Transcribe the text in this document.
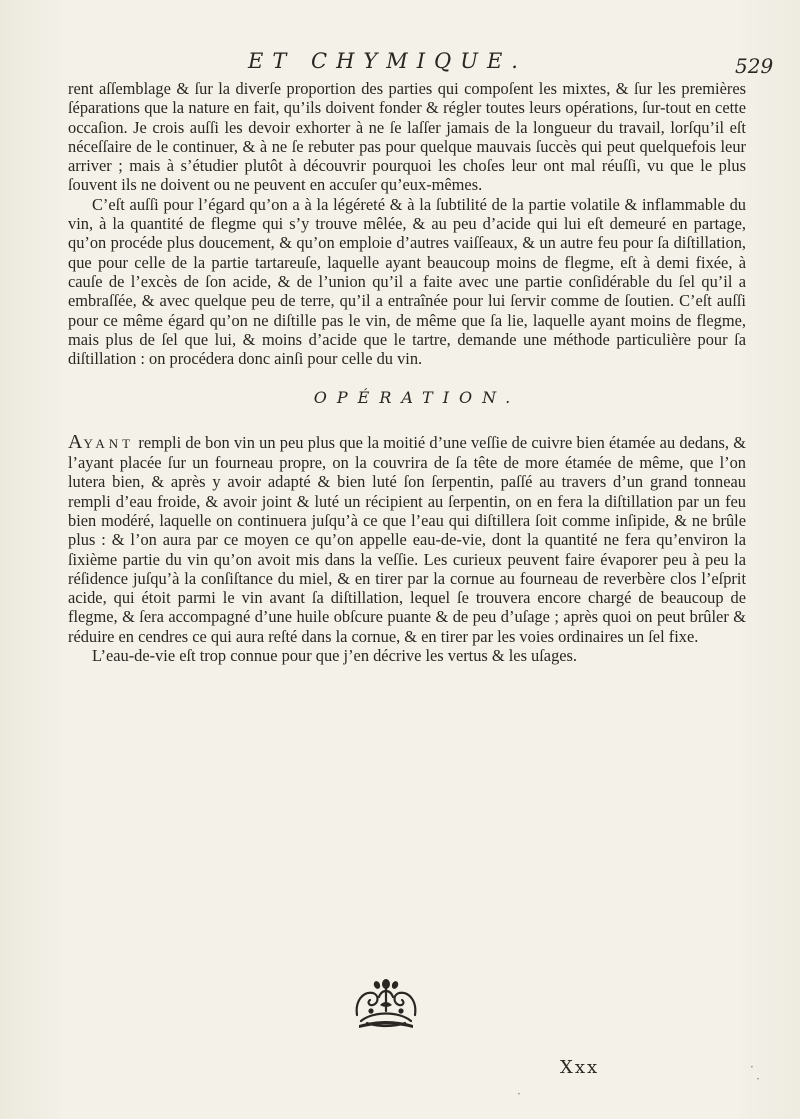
ET CHYMIQUE.	529

rent aſſemblage & ſur la diverſe proportion des parties qui compoſent les mixtes, & ſur les premières ſéparations que la nature en fait, qu’ils doivent fonder & régler toutes leurs opérations, ſur-tout en cette occaſion. Je crois auſſi les devoir exhorter à ne ſe laſſer jamais de la longueur du travail, lorſqu’il eſt néceſſaire de le continuer, & à ne ſe rebuter pas pour quelque mauvais ſuccès qui peut quelquefois leur arriver ; mais à s’étudier plutôt à découvrir pourquoi les choſes leur ont mal réuſſi, vu que le plus ſouvent ils ne doivent ou ne peuvent en accuſer qu’eux-mêmes.

C’eſt auſſi pour l’égard qu’on a à la légéreté & à la ſubtilité de la partie volatile & inflammable du vin, à la quantité de flegme qui s’y trouve mêlée, & au peu d’acide qui lui eſt demeuré en partage, qu’on procéde plus doucement, & qu’on emploie d’autres vaiſſeaux, & un autre feu pour ſa diſtillation, que pour celle de la partie tartareuſe, laquelle ayant beaucoup moins de flegme, eſt à demi fixée, à cauſe de l’excès de ſon acide, & de l’union qu’il a faite avec une partie conſidérable du ſel qu’il a embraſſée, & avec quelque peu de terre, qu’il a entraînée pour lui ſervir comme de ſoutien. C’eſt auſſi pour ce même égard qu’on ne diſtille pas le vin, de même que ſa lie, laquelle ayant moins de flegme, mais plus de ſel que lui, & moins d’acide que le tartre, demande une méthode particulière pour ſa diſtillation : on procédera donc ainſi pour celle du vin.

OPÉRATION.

AYANT rempli de bon vin un peu plus que la moitié d’une veſſie de cuivre bien étamée au dedans, & l’ayant placée ſur un fourneau propre, on la couvrira de ſa tête de more étamée de même, que l’on lutera bien, & après y avoir adapté & bien luté ſon ſerpentin, paſſé au travers d’un grand tonneau rempli d’eau froide, & avoir joint & luté un récipient au ſerpentin, on en fera la diſtillation par un feu bien modéré, laquelle on continuera juſqu’à ce que l’eau qui diſtillera ſoit comme inſipide, & ne brûle plus : & l’on aura par ce moyen ce qu’on appelle eau-de-vie, dont la quantité ne fera qu’environ la ſixième partie du vin qu’on avoit mis dans la veſſie. Les curieux peuvent faire évaporer peu à peu la réſidence juſqu’à la conſiſtance du miel, & en tirer par la cornue au fourneau de reverbère clos l’eſprit acide, qui étoit parmi le vin avant ſa diſtillation, lequel ſe trouvera encore chargé de beaucoup de flegme, & ſera accompagné d’une huile obſcure puante & de peu d’uſage ; après quoi on peut brûler & réduire en cendres ce qui aura reſté dans la cornue, & en tirer par les voies ordinaires un ſel fixe.

L’eau-de-vie eſt trop connue pour que j’en décrive les vertus & les uſages.

Xxx	·
·
·
